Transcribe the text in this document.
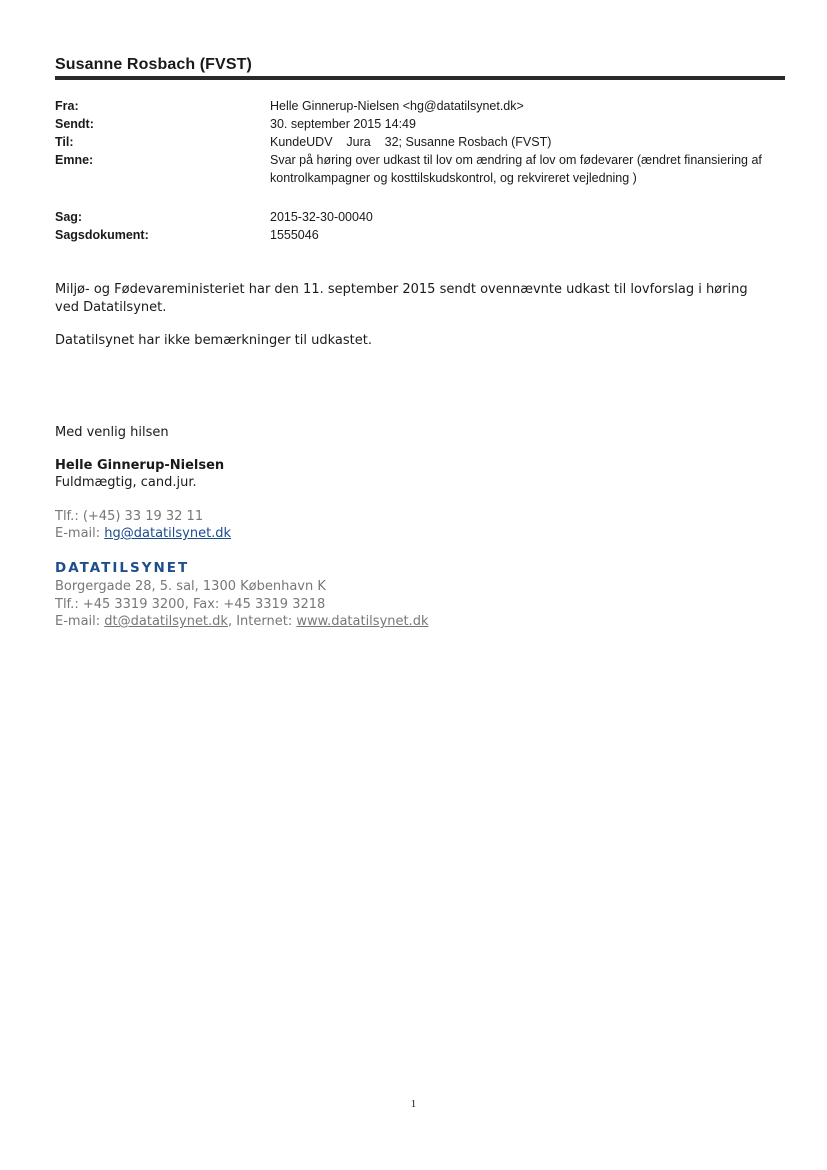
Susanne Rosbach (FVST)
Fra:	Helle Ginnerup-Nielsen <hg@datatilsynet.dk>
Sendt:	30. september 2015 14:49
Til:	KundeUDV    Jura    32; Susanne Rosbach (FVST)
Emne:	Svar på høring over udkast til lov om ændring af lov om fødevarer (ændret finansiering af kontrolkampagner og kosttilskudskontrol, og rekvireret vejledning )
Sag:	2015-32-30-00040
Sagsdokument:	1555046
Miljø- og Fødevareministeriet har den 11. september 2015 sendt ovennævnte udkast til lovforslag i høring ved Datatilsynet.
Datatilsynet har ikke bemærkninger til udkastet.
Med venlig hilsen
Helle Ginnerup-Nielsen
Fuldmægtig, cand.jur.
Tlf.: (+45) 33 19 32 11
E-mail: hg@datatilsynet.dk
DATATILSYNET
Borgergade 28, 5. sal, 1300 København K
Tlf.: +45 3319 3200, Fax: +45 3319 3218
E-mail: dt@datatilsynet.dk, Internet: www.datatilsynet.dk
1
